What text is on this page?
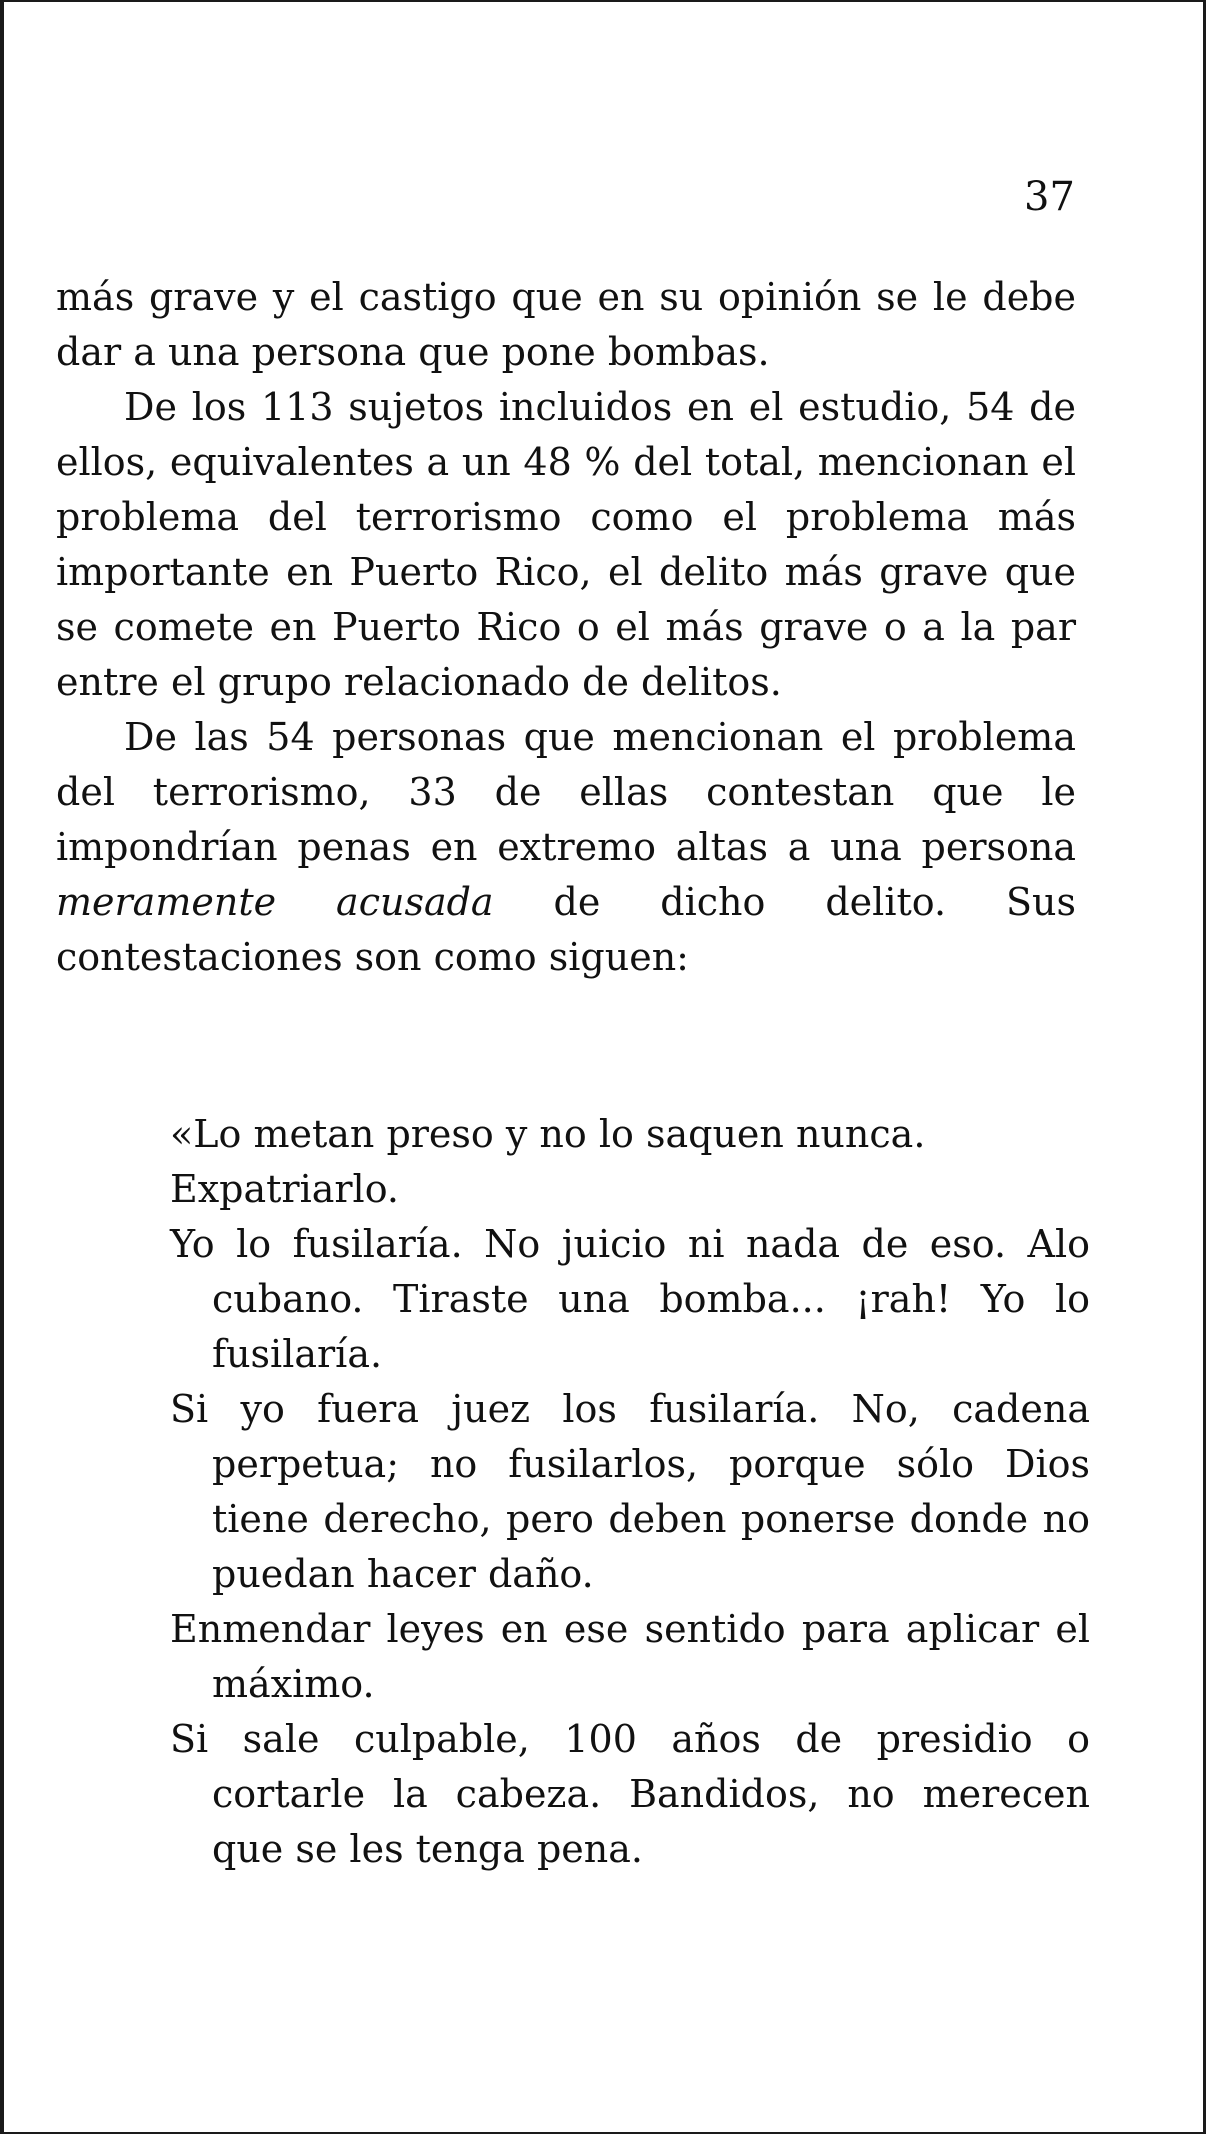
37

más grave y el castigo que en su opinión se le debe dar a una persona que pone bombas.

De los 113 sujetos incluidos en el estudio, 54 de ellos, equivalentes a un 48 % del total, mencionan el problema del terrorismo como el problema más importante en Puerto Rico, el delito más grave que se comete en Puerto Rico o el más grave o a la par entre el grupo relacionado de delitos.

De las 54 personas que mencionan el problema del terrorismo, 33 de ellas contestan que le impondrían penas en extremo altas a una persona meramente acusada de dicho delito. Sus contestaciones son como siguen:

«Lo metan preso y no lo saquen nunca.

Expatriarlo.

Yo lo fusilaría. No juicio ni nada de eso. Alo cubano. Tiraste una bomba... ¡rah! Yo lo fusilaría.

Si yo fuera juez los fusilaría. No, cadena perpetua; no fusilarlos, porque sólo Dios tiene derecho, pero deben ponerse donde no puedan hacer daño.

Enmendar leyes en ese sentido para aplicar el máximo.

Si sale culpable, 100 años de presidio o cortarle la cabeza. Bandidos, no merecen que se les tenga pena.
